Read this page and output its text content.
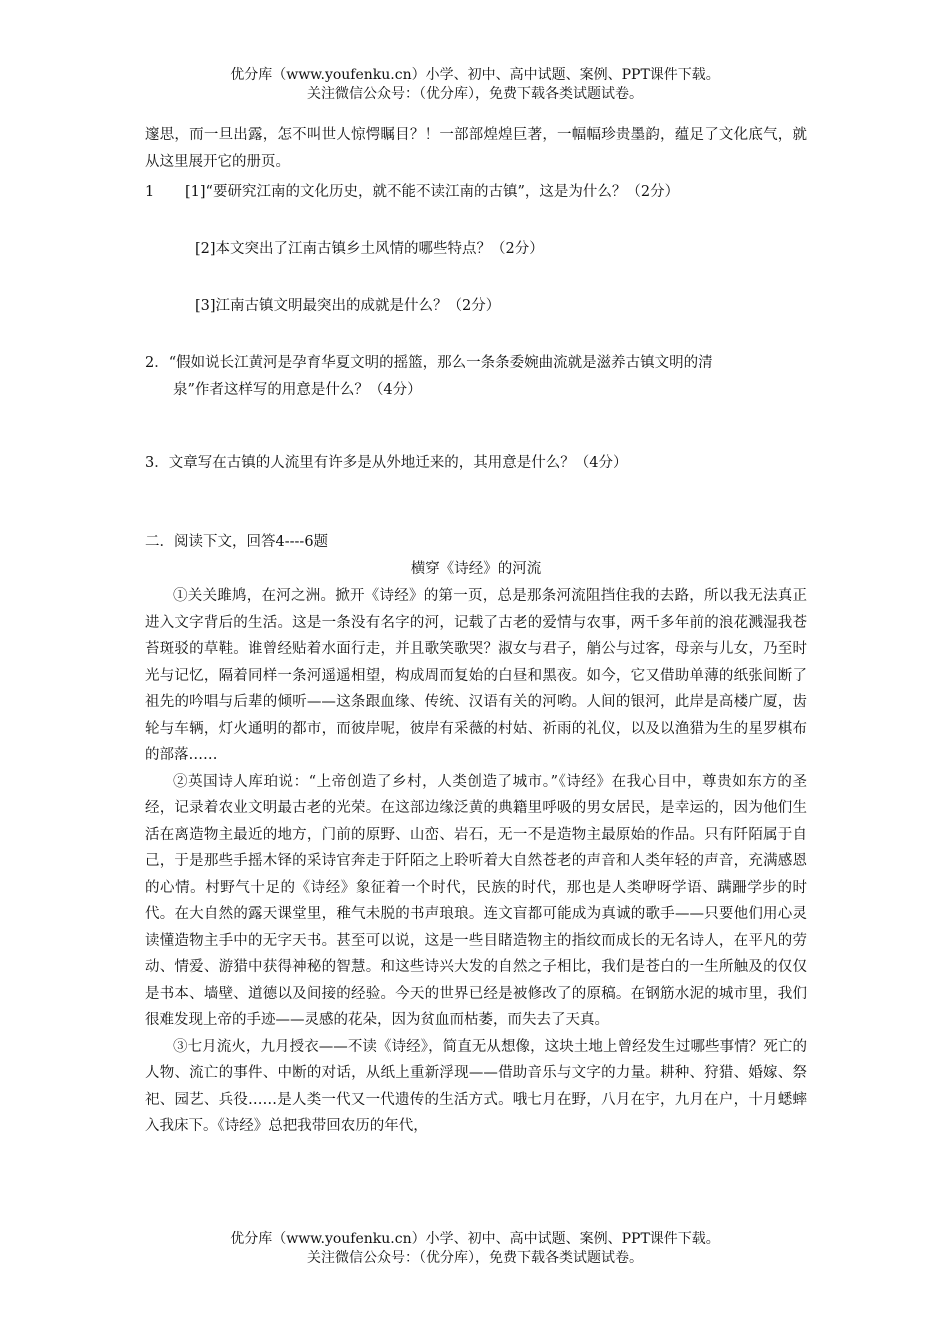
优分库（www.youfenku.cn）小学、初中、高中试题、案例、PPT课件下载。
关注微信公众号：（优分库），免费下载各类试题试卷。

邃思，而一旦出露，怎不叫世人惊愕瞩目？！一部部煌煌巨著，一幅幅珍贵墨韵，蕴足了文化底气，就从这里展开它的册页。

1 [1]“要研究江南的文化历史，就不能不读江南的古镇”，这是为什么？（2分）
[2]本文突出了江南古镇乡土风情的哪些特点？（2分）
[3]江南古镇文明最突出的成就是什么？（2分）
2．“假如说长江黄河是孕育华夏文明的摇篮，那么一条条委婉曲流就是滋养古镇文明的清
泉”作者这样写的用意是什么？（4分）
3．文章写在古镇的人流里有许多是从外地迁来的，其用意是什么？（4分）
二．阅读下文，回答4----6题
横穿《诗经》的河流

①关关雎鸠，在河之洲。掀开《诗经》的第一页，总是那条河流阻挡住我的去路，所以我无法真正进入文字背后的生活。这是一条没有名字的河，记载了古老的爱情与农事，两千多年前的浪花溅湿我苍苔斑驳的草鞋。谁曾经贴着水面行走，并且歌笑歌哭？淑女与君子，艄公与过客，母亲与儿女，乃至时光与记忆，隔着同样一条河遥遥相望，构成周而复始的白昼和黑夜。如今，它又借助单薄的纸张间断了祖先的吟唱与后辈的倾听——这条跟血缘、传统、汉语有关的河哟。人间的银河，此岸是高楼广厦，齿轮与车辆，灯火通明的都市，而彼岸呢，彼岸有采薇的村姑、祈雨的礼仪，以及以渔猎为生的星罗棋布的部落……

②英国诗人库珀说：“上帝创造了乡村，人类创造了城市。”《诗经》在我心目中，尊贵如东方的圣经，记录着农业文明最古老的光荣。在这部边缘泛黄的典籍里呼吸的男女居民，是幸运的，因为他们生活在离造物主最近的地方，门前的原野、山峦、岩石，无一不是造物主最原始的作品。只有阡陌属于自己，于是那些手摇木铎的采诗官奔走于阡陌之上聆听着大自然苍老的声音和人类年轻的声音，充满感恩的心情。村野气十足的《诗经》象征着一个时代，民族的时代，那也是人类咿呀学语、蹒跚学步的时代。在大自然的露天课堂里，稚气未脱的书声琅琅。连文盲都可能成为真诚的歌手——只要他们用心灵读懂造物主手中的无字天书。甚至可以说，这是一些目睹造物主的指纹而成长的无名诗人，在平凡的劳动、情爱、游猎中获得神秘的智慧。和这些诗兴大发的自然之子相比，我们是苍白的一生所触及的仅仅是书本、墙壁、道德以及间接的经验。今天的世界已经是被修改了的原稿。在钢筋水泥的城市里，我们很难发现上帝的手迹——灵感的花朵，因为贫血而枯萎，而失去了天真。

③七月流火，九月授衣——不读《诗经》，简直无从想像，这块土地上曾经发生过哪些事情？死亡的人物、流亡的事件、中断的对话，从纸上重新浮现——借助音乐与文字的力量。耕种、狩猎、婚嫁、祭祀、园艺、兵役……是人类一代又一代遗传的生活方式。哦七月在野，八月在宇，九月在户，十月蟋蟀入我床下。《诗经》总把我带回农历的年代，

优分库（www.youfenku.cn）小学、初中、高中试题、案例、PPT课件下载。
关注微信公众号：（优分库），免费下载各类试题试卷。
